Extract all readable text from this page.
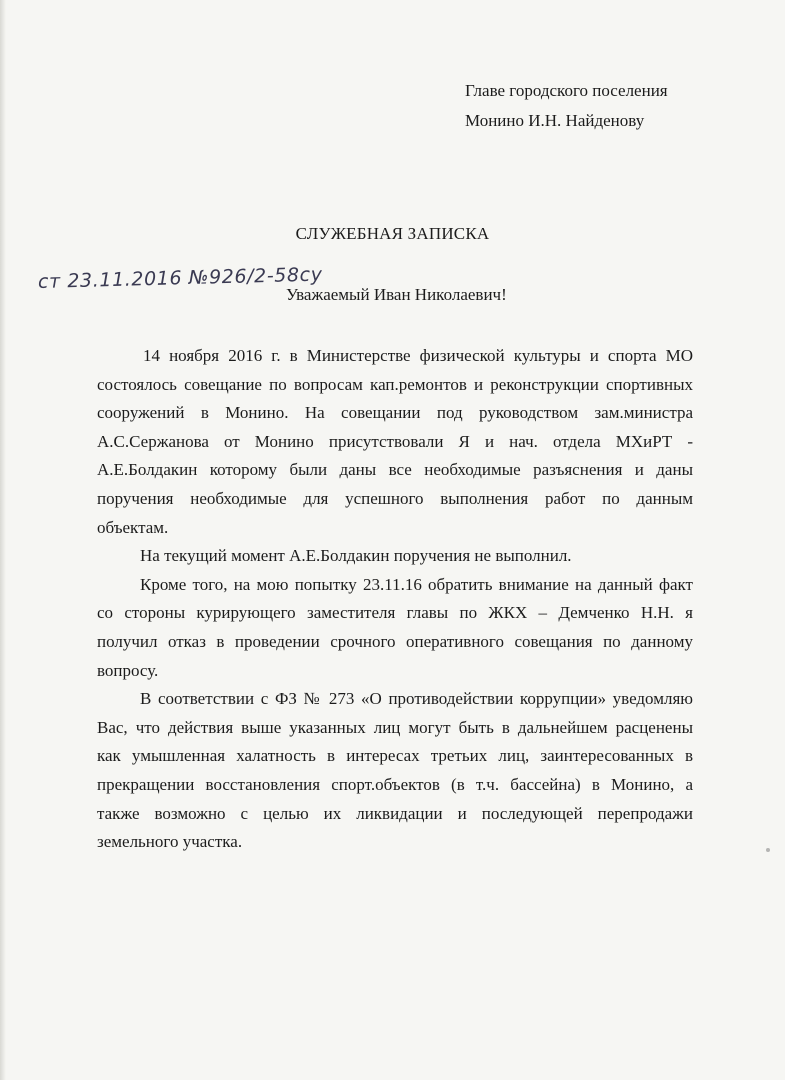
Главе городского поселения
Монино И.Н. Найденову
СЛУЖЕБНАЯ ЗАПИСКА
ст 23.11.2016 №926/2-58су
Уважаемый Иван Николаевич!
14 ноября 2016 г. в Министерстве физической культуры и спорта МО
состоялось совещание по вопросам кап.ремонтов и реконструкции спортивных
сооружений в Монино. На совещании под руководством зам.министра
А.С.Сержанова от Монино присутствовали Я и нач. отдела МХиРТ -
А.Е.Болдакин которому были даны все необходимые разъяснения и даны
поручения необходимые для успешного выполнения работ по данным
объектам.
На текущий момент А.Е.Болдакин поручения не выполнил.
Кроме того, на мою попытку 23.11.16 обратить внимание на данный факт
со стороны курирующего заместителя главы по ЖКХ – Демченко Н.Н. я
получил отказ в проведении срочного оперативного совещания по данному
вопросу.
В соответствии с ФЗ № 273 «О противодействии коррупции» уведомляю
Вас, что действия выше указанных лиц могут быть в дальнейшем расценены
как умышленная халатность в интересах третьих лиц, заинтересованных в
прекращении восстановления спорт.объектов (в т.ч. бассейна) в Монино, а
также возможно с целью их ликвидации и последующей перепродажи
земельного участка.
